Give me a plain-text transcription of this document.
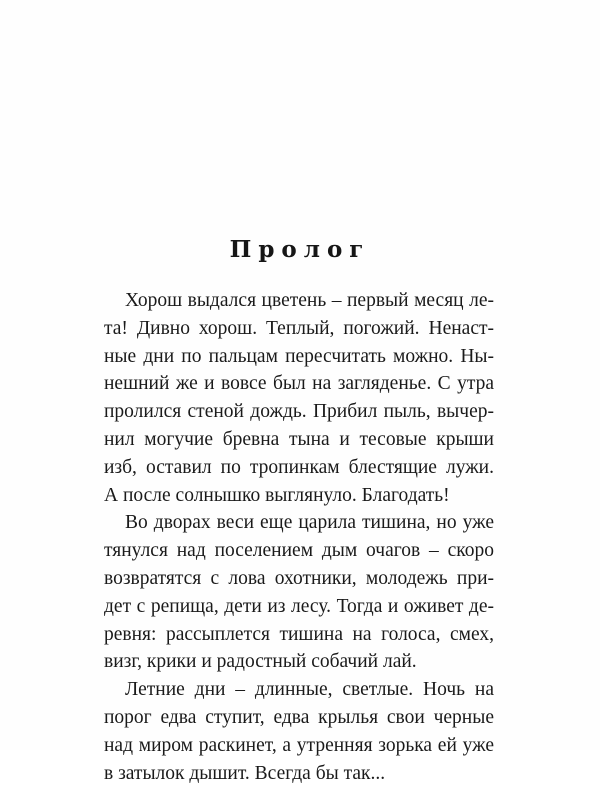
Пролог
Хорош выдался цветень – первый месяц ле-
та! Дивно хорош. Теплый, погожий. Ненаст-
ные дни по пальцам пересчитать можно. Ны-
нешний же и вовсе был на загляденье. С утра
пролился стеной дождь. Прибил пыль, вычер-
нил могучие бревна тына и тесовые крыши
изб, оставил по тропинкам блестящие лужи.
А после солнышко выглянуло. Благодать!
Во дворах веси еще царила тишина, но уже
тянулся над поселением дым очагов – скоро
возвратятся с лова охотники, молодежь при-
дет с репища, дети из лесу. Тогда и оживет де-
ревня: рассыплется тишина на голоса, смех,
визг, крики и радостный собачий лай.
Летние дни – длинные, светлые. Ночь на
порог едва ступит, едва крылья свои черные
над миром раскинет, а утренняя зорька ей уже
в затылок дышит. Всегда бы так...
